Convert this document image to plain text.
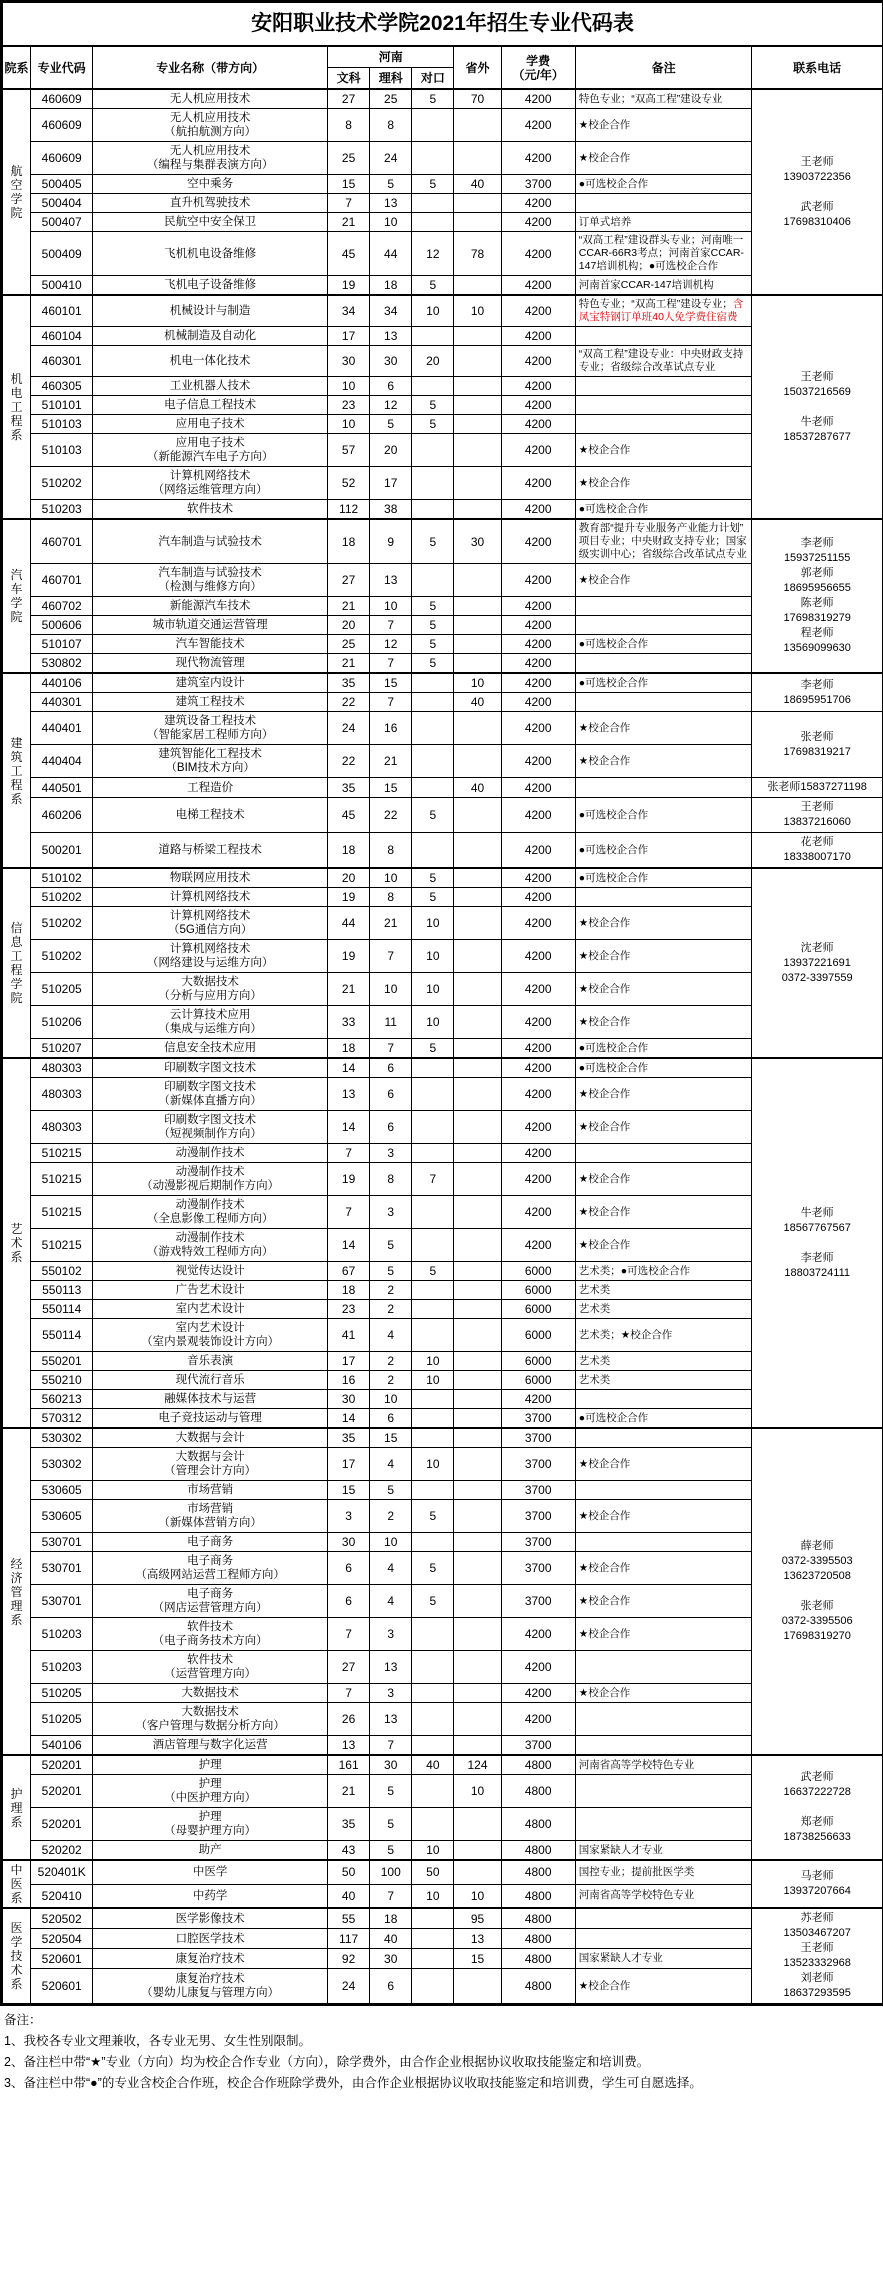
安阳职业技术学院2021年招生专业代码表									
院系	专业代码	专业名称（带方向）	河南			省外	学费
（元/年）	备注	联系电话
			文科	理科	对口				
航空学院	460609	无人机应用技术	27	25	5	70	4200	特色专业；“双高工程”建设专业	王老师
13903722356

武老师
17698310406

	460609	无人机应用技术
（航拍航测方向）	8	8			4200	★校企合作	
	460609	无人机应用技术
（编程与集群表演方向）	25	24			4200	★校企合作	
	500405	空中乘务	15	5	5	40	3700	●可选校企合作	
	500404	直升机驾驶技术	7	13			4200		
	500407	民航空中安全保卫	21	10			4200	订单式培养	
	500409	飞机机电设备维修	45	44	12	78	4200	“双高工程”建设群头专业；河南唯一CCAR-66R3考点；河南首家CCAR-147培训机构；●可选校企合作	
	500410	飞机电子设备维修	19	18	5		4200	河南首家CCAR-147培训机构	
机电工程系	460101	机械设计与制造	34	34	10	10	4200	特色专业；“双高工程”建设专业；含凤宝特钢订单班40人免学费住宿费	王老师
15037216569

牛老师
18537287677

	460104	机械制造及自动化	17	13			4200		
	460301	机电一体化技术	30	30	20		4200	“双高工程”建设专业：中央财政支持专业；省级综合改革试点专业	
	460305	工业机器人技术	10	6			4200		
	510101	电子信息工程技术	23	12	5		4200		
	510103	应用电子技术	10	5	5		4200		
	510103	应用电子技术
（新能源汽车电子方向）	57	20			4200	★校企合作	
	510202	计算机网络技术
（网络运维管理方向）	52	17			4200	★校企合作	
	510203	软件技术	112	38			4200	●可选校企合作	
汽车学院	460701	汽车制造与试验技术	18	9	5	30	4200	教育部“提升专业服务产业能力计划”项目专业；中央财政支持专业；国家级实训中心；省级综合改革试点专业	
李老师
15937251155
郭老师
18695956655
陈老师
17698319279
程老师
13569099630

	460701	汽车制造与试验技术
（检测与维修方向）	27	13			4200	★校企合作	
	460702	新能源汽车技术	21	10	5		4200		
	500606	城市轨道交通运营管理	20	7	5		4200		
	510107	汽车智能技术	25	12	5		4200	●可选校企合作	
	530802	现代物流管理	21	7	5		4200		
建筑工程系	440106	建筑室内设计	35	15		10	4200	●可选校企合作	李老师
18695951706

	440301	建筑工程技术	22	7		40	4200		
440401	建筑设备工程技术
（智能家居工程师方向）	24	16			4200	★校企合作	
张老师
17698319217

	440404	建筑智能化工程技术
（BIM技术方向）	22	21			4200	★校企合作	
	440501	工程造价	35	15		40	4200		张老师15837271198

	460206	电梯工程技术	45	22	5		4200	●可选校企合作	王老师
13837216060

	500201	道路与桥梁工程技术	18	8			4200	●可选校企合作	花老师
18338007170

信息工程学院	510102	物联网应用技术	20	10	5		4200	●可选校企合作	沈老师
13937221691
0372-3397559

	510202	计算机网络技术	19	8	5		4200		
	510202	计算机网络技术
（5G通信方向）	44	21	10		4200	★校企合作	
	510202	计算机网络技术
（网络建设与运维方向）	19	7	10		4200	★校企合作	
	510205	大数据技术
（分析与应用方向）	21	10	10		4200	★校企合作	
	510206	云计算技术应用
（集成与运维方向）	33	11	10		4200	★校企合作	
	510207	信息安全技术应用	18	7	5		4200	●可选校企合作	
艺术系	480303	印刷数字图文技术	14	6			4200	●可选校企合作	牛老师
18567767567

李老师
18803724111

	480303	印刷数字图文技术
（新媒体直播方向）	13	6			4200	★校企合作	
	480303	印刷数字图文技术
（短视频制作方向）	14	6			4200	★校企合作	
	510215	动漫制作技术	7	3			4200		
	510215	动漫制作技术
（动漫影视后期制作方向）	19	8	7		4200	★校企合作	
	510215	动漫制作技术
（全息影像工程师方向）	7	3			4200	★校企合作	
	510215	动漫制作技术
（游戏特效工程师方向）	14	5			4200	★校企合作	
	550102	视觉传达设计	67	5	5		6000	艺术类；●可选校企合作	
	550113	广告艺术设计	18	2			6000	艺术类	
	550114	室内艺术设计	23	2			6000	艺术类	
	550114	室内艺术设计
（室内景观装饰设计方向）	41	4			6000	艺术类；★校企合作	
	550201	音乐表演	17	2	10		6000	艺术类	
	550210	现代流行音乐	16	2	10		6000	艺术类	
	560213	融媒体技术与运营	30	10			4200		
	570312	电子竞技运动与管理	14	6			3700	●可选校企合作	
经济管理系	530302	大数据与会计	35	15			3700		
薛老师
0372-3395503
13623720508

张老师
0372-3395506
17698319270

	530302	大数据与会计
（管理会计方向）	17	4	10		3700	★校企合作	
	530605	市场营销	15	5			3700		
	530605	市场营销
（新媒体营销方向）	3	2	5		3700	★校企合作	
	530701	电子商务	30	10			3700		
	530701	电子商务
（高级网站运营工程师方向）	6	4	5		3700	★校企合作	
	530701	电子商务
（网店运营管理方向）	6	4	5		3700	★校企合作	
	510203	软件技术
（电子商务技术方向）	7	3			4200	★校企合作	
	510203	软件技术
（运营管理方向）	27	13			4200		
	510205	大数据技术	7	3			4200	★校企合作	
	510205	大数据技术
（客户管理与数据分析方向）	26	13			4200		
	540106	酒店管理与数字化运营	13	7			3700		
护理系	520201	护理	161	30	40	124	4800	河南省高等学校特色专业	武老师
16637222728

郑老师
18738256633

	520201	护理
（中医护理方向）	21	5		10	4800		
	520201	护理
（母婴护理方向）	35	5			4800		
	520202	助产	43	5	10		4800	国家紧缺人才专业	
中医系	520401K	中医学	50	100	50		4800	国控专业；提前批医学类	马老师
13937207664

	520410	中药学	40	7	10	10	4800	河南省高等学校特色专业	
医学技术系	520502	医学影像技术	55	18		95	4800		苏老师
13503467207
王老师
13523332968
刘老师
18637293595

	520504	口腔医学技术	117	40		13	4800		
	520601	康复治疗技术	92	30		15	4800	国家紧缺人才专业	
	520601	康复治疗技术
（婴幼儿康复与管理方向）	24	6			4800	★校企合作	
备注：
1、我校各专业文理兼收，各专业无男、女生性别限制。
2、备注栏中带“★”专业（方向）均为校企合作专业（方向），除学费外，由合作企业根据协议收取技能鉴定和培训费。
3、备注栏中带“●”的专业含校企合作班，校企合作班除学费外，由合作企业根据协议收取技能鉴定和培训费，学生可自愿选择。
